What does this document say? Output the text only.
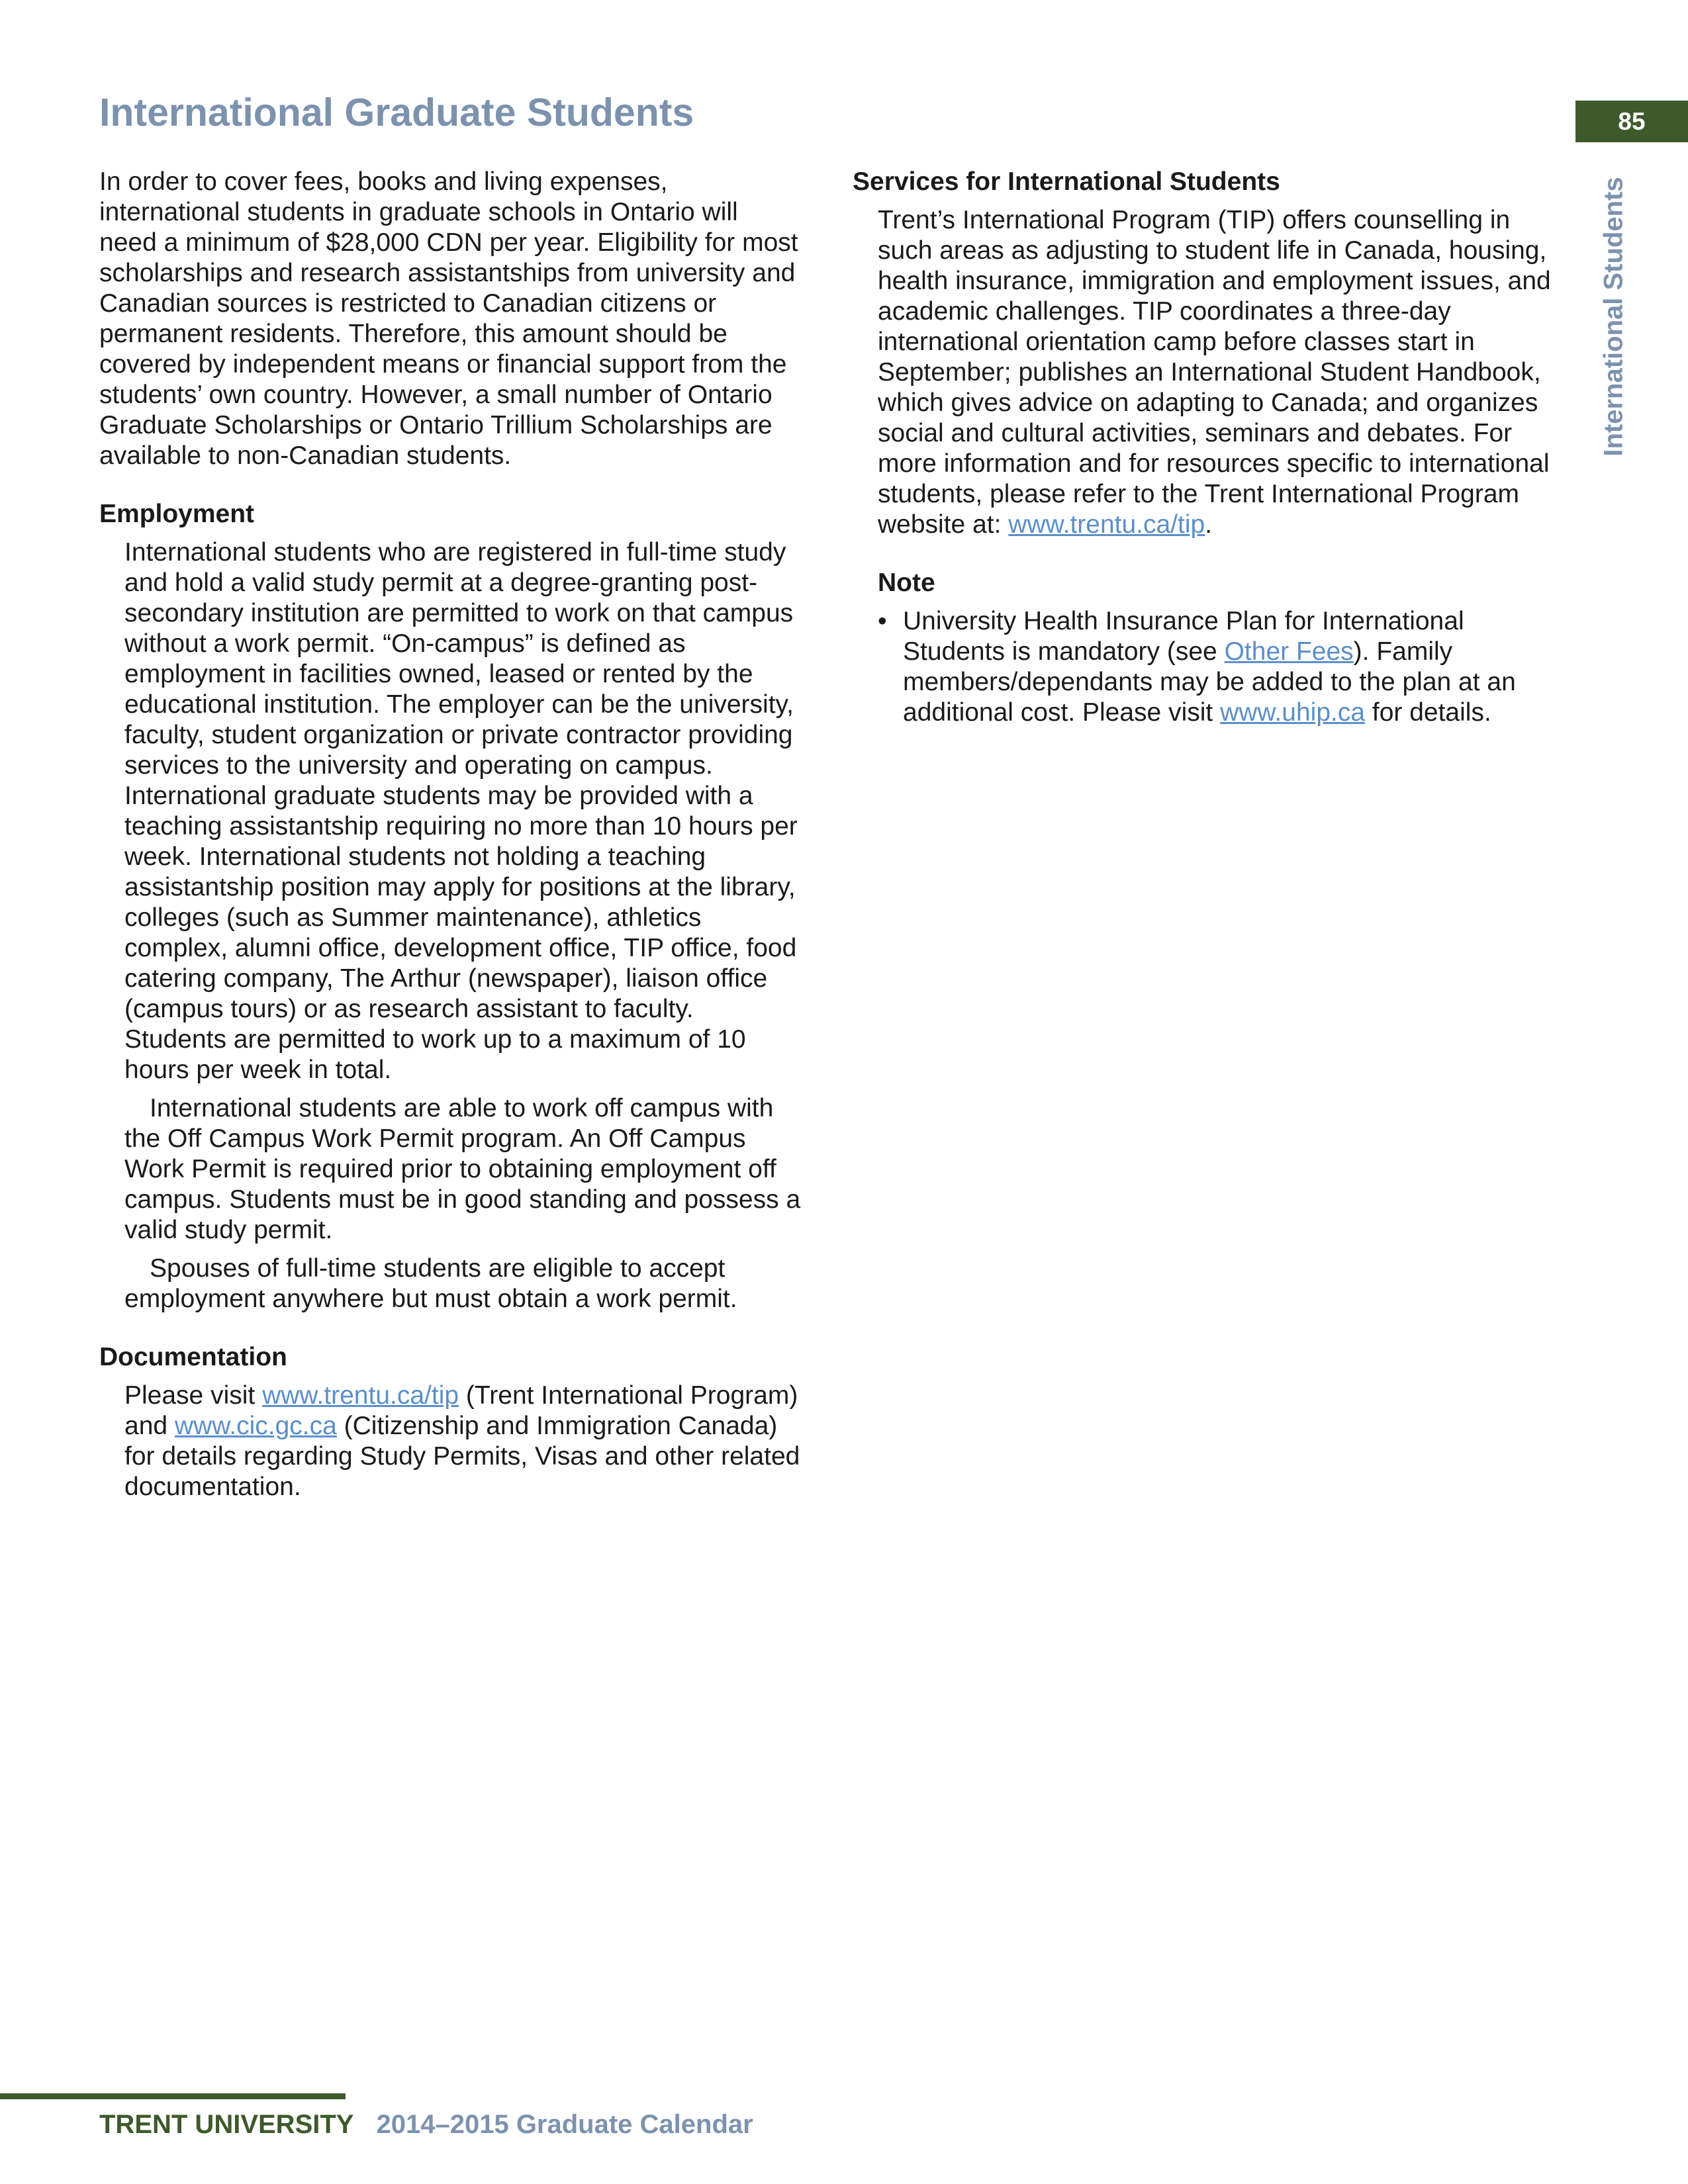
International Graduate Students	85
International Students

In order to cover fees, books and living expenses, international students in graduate schools in Ontario will need a minimum of $28,000 CDN per year. Eligibility for most scholarships and research assistantships from university and Canadian sources is restricted to Canadian citizens or permanent residents. Therefore, this amount should be covered by independent means or financial support from the students’ own country. However, a small number of Ontario Graduate Scholarships or Ontario Trillium Scholarships are available to non-Canadian students.

Employment

International students who are registered in full-time study and hold a valid study permit at a degree-granting post-secondary institution are permitted to work on that campus without a work permit. “On-campus” is defined as employment in facilities owned, leased or rented by the educational institution. The employer can be the university, faculty, student organization or private contractor providing services to the university and operating on campus. International graduate students may be provided with a teaching assistantship requiring no more than 10 hours per week. International students not holding a teaching assistantship position may apply for positions at the library, colleges (such as Summer maintenance), athletics complex, alumni office, development office, TIP office, food catering company, The Arthur (newspaper), liaison office (campus tours) or as research assistant to faculty. Students are permitted to work up to a maximum of 10 hours per week in total.

International students are able to work off campus with the Off Campus Work Permit program. An Off Campus Work Permit is required prior to obtaining employment off campus. Students must be in good standing and possess a valid study permit.

Spouses of full-time students are eligible to accept employment anywhere but must obtain a work permit.

Documentation

Please visit www.trentu.ca/tip (Trent International Program) and www.cic.gc.ca (Citizenship and Immigration Canada) for details regarding Study Permits, Visas and other related documentation.

Services for International Students

Trent’s International Program (TIP) offers counselling in such areas as adjusting to student life in Canada, housing, health insurance, immigration and employment issues, and academic challenges. TIP coordinates a three-day international orientation camp before classes start in September; publishes an International Student Handbook, which gives advice on adapting to Canada; and organizes social and cultural activities, seminars and debates. For more information and for resources specific to international students, please refer to the Trent International Program website at: www.trentu.ca/tip.

Note
• University Health Insurance Plan for International Students is mandatory (see Other Fees). Family members/dependants may be added to the plan at an additional cost. Please visit www.uhip.ca for details.
TRENT UNIVERSITY 2014–2015 Graduate Calendar
